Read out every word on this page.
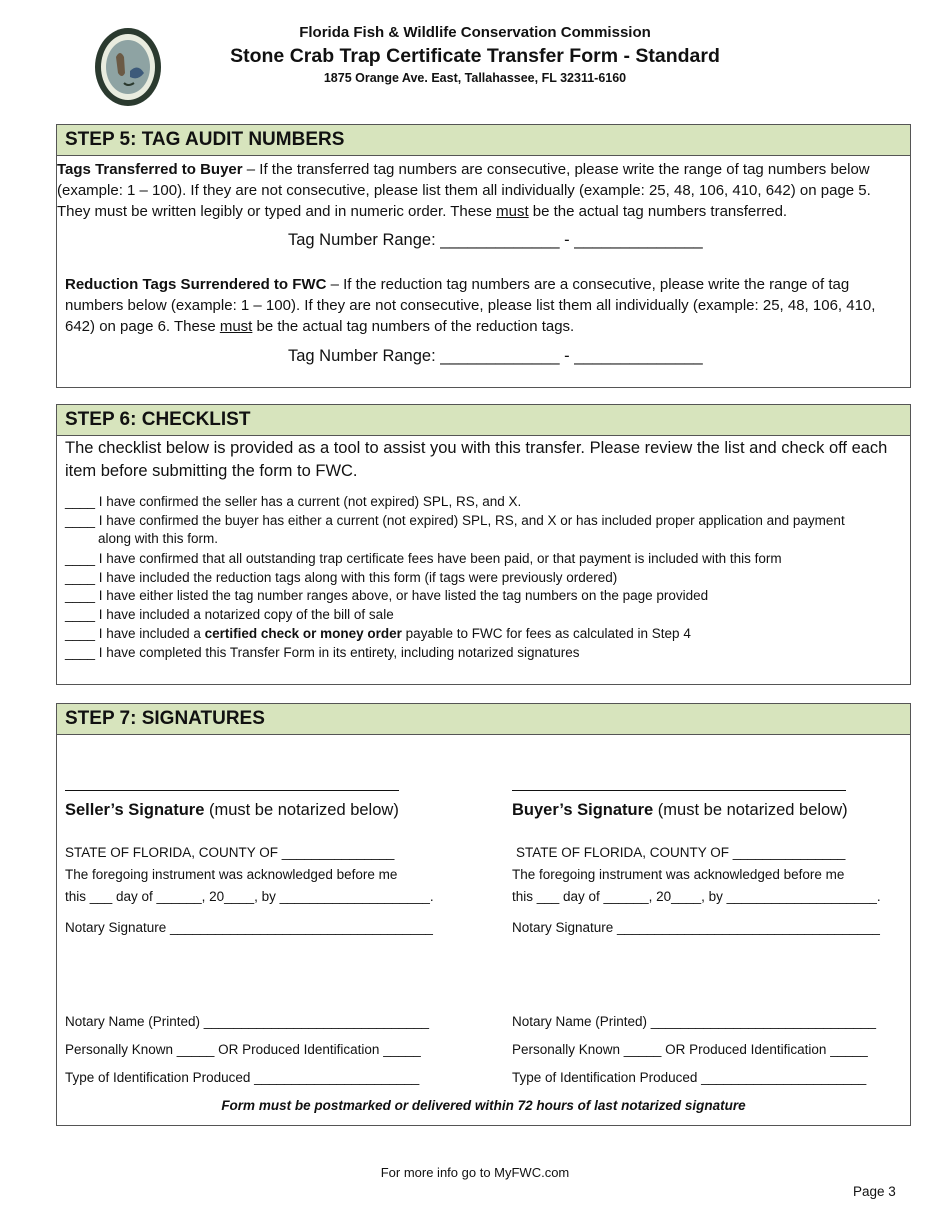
Florida Fish & Wildlife Conservation Commission
Stone Crab Trap Certificate Transfer Form - Standard
1875 Orange Ave. East, Tallahassee, FL 32311-6160
STEP 5: TAG AUDIT NUMBERS
Tags Transferred to Buyer – If the transferred tag numbers are consecutive, please write the range of tag numbers below (example: 1 – 100). If they are not consecutive, please list them all individually (example: 25, 48, 106, 410, 642) on page 5. They must be written legibly or typed and in numeric order. These must be the actual tag numbers transferred.
Tag Number Range: _____________ - ______________
Reduction Tags Surrendered to FWC – If the reduction tag numbers are a consecutive, please write the range of tag numbers below (example: 1 – 100). If they are not consecutive, please list them all individually (example: 25, 48, 106, 410, 642) on page 6. These must be the actual tag numbers of the reduction tags.
Tag Number Range: _____________ - ______________
STEP 6: CHECKLIST
The checklist below is provided as a tool to assist you with this transfer. Please review the list and check off each item before submitting the form to FWC.
____ I have confirmed the seller has a current (not expired) SPL, RS, and X.
____ I have confirmed the buyer has either a current (not expired) SPL, RS, and X or has included proper application and payment
along with this form.
____ I have confirmed that all outstanding trap certificate fees have been paid, or that payment is included with this form
____ I have included the reduction tags along with this form (if tags were previously ordered)
____ I have either listed the tag number ranges above, or have listed the tag numbers on the page provided
____ I have included a notarized copy of the bill of sale
____ I have included a certified check or money order payable to FWC for fees as calculated in Step 4
____ I have completed this Transfer Form in its entirety, including notarized signatures
STEP 7: SIGNATURES
Seller’s Signature (must be notarized below)
STATE OF FLORIDA, COUNTY OF _______________
The foregoing instrument was acknowledged before me
this ___ day of ______, 20____, by ____________________.
Notary Signature ___________________________________
Notary Name (Printed) ______________________________
Personally Known _____ OR Produced Identification _____
Type of Identification Produced ______________________
Buyer’s Signature (must be notarized below)
STATE OF FLORIDA, COUNTY OF _______________
The foregoing instrument was acknowledged before me
this ___ day of ______, 20____, by ____________________.
Notary Signature ___________________________________
Notary Name (Printed) ______________________________
Personally Known _____ OR Produced Identification _____
Type of Identification Produced ______________________
Form must be postmarked or delivered within 72 hours of last notarized signature
For more info go to MyFWC.com
Page 3
